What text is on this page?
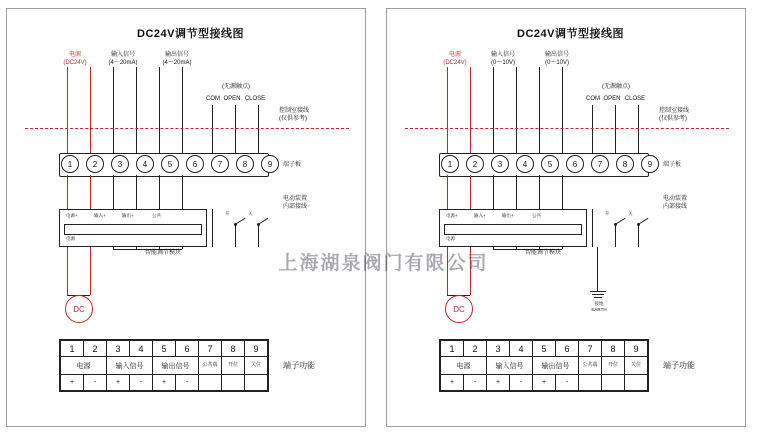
DC24V调节型接线图
电源
(DC24V)
输入信号
(4～20mA)
输出信号
(4～20mA)
(无源触点)
COM OPEN CLOSE
控制室接线
(仅供参考)
1	2	3	4	5	6	7	8	9	端子板
电动装置
内部接线
电源+	输入+	输出+	公共
电源
智能调节模块
DC
开	关
1	2	3	4	5	6	7	8	9
电源		输入信号		输出信号		公共端	开位	关位
+	-	+	-	+	-			
端子功能
DC24V调节型接线图
电源
(DC24V)
输入信号
(0～10V)
输出信号
(0～10V)
(无源触点)
COM OPEN CLOSE
控制室接线
(仅供参考)
1	2	3	4	5	6	7	8	9	端子板
电动装置
内部接线
电源+	输入+	输出+	公共
电源
智能调节模块
DC
开	关
接地
EARTH
1	2	3	4	5	6	7	8	9
电源		输入信号		输出信号		公共端	开位	关位
+	-	+	-	+	-			
端子功能
上海湖泉阀门有限公司
